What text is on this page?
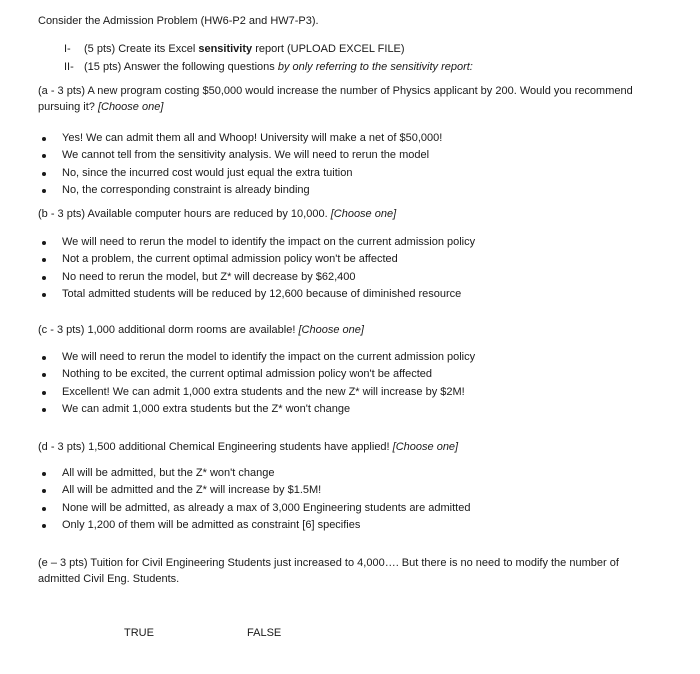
Consider the Admission Problem (HW6-P2 and HW7-P3).
I- (5 pts) Create its Excel sensitivity report (UPLOAD EXCEL FILE)
II- (15 pts) Answer the following questions by only referring to the sensitivity report:
(a - 3 pts) A new program costing $50,000 would increase the number of Physics applicant by 200. Would you recommend pursuing it? [Choose one]
Yes! We can admit them all and Whoop! University will make a net of $50,000!
We cannot tell from the sensitivity analysis. We will need to rerun the model
No, since the incurred cost would just equal the extra tuition
No, the corresponding constraint is already binding
(b - 3 pts) Available computer hours are reduced by 10,000. [Choose one]
We will need to rerun the model to identify the impact on the current admission policy
Not a problem, the current optimal admission policy won't be affected
No need to rerun the model, but Z* will decrease by $62,400
Total admitted students will be reduced by 12,600 because of diminished resource
(c - 3 pts) 1,000 additional dorm rooms are available! [Choose one]
We will need to rerun the model to identify the impact on the current admission policy
Nothing to be excited, the current optimal admission policy won't be affected
Excellent! We can admit 1,000 extra students and the new Z* will increase by $2M!
We can admit 1,000 extra students but the Z* won't change
(d - 3 pts) 1,500 additional Chemical Engineering students have applied! [Choose one]
All will be admitted, but the Z* won't change
All will be admitted and the Z* will increase by $1.5M!
None will be admitted, as already a max of 3,000 Engineering students are admitted
Only 1,200 of them will be admitted as constraint [6] specifies
(e – 3 pts) Tuition for Civil Engineering Students just increased to 4,000…. But there is no need to modify the number of admitted Civil Eng. Students.
TRUE	FALSE
